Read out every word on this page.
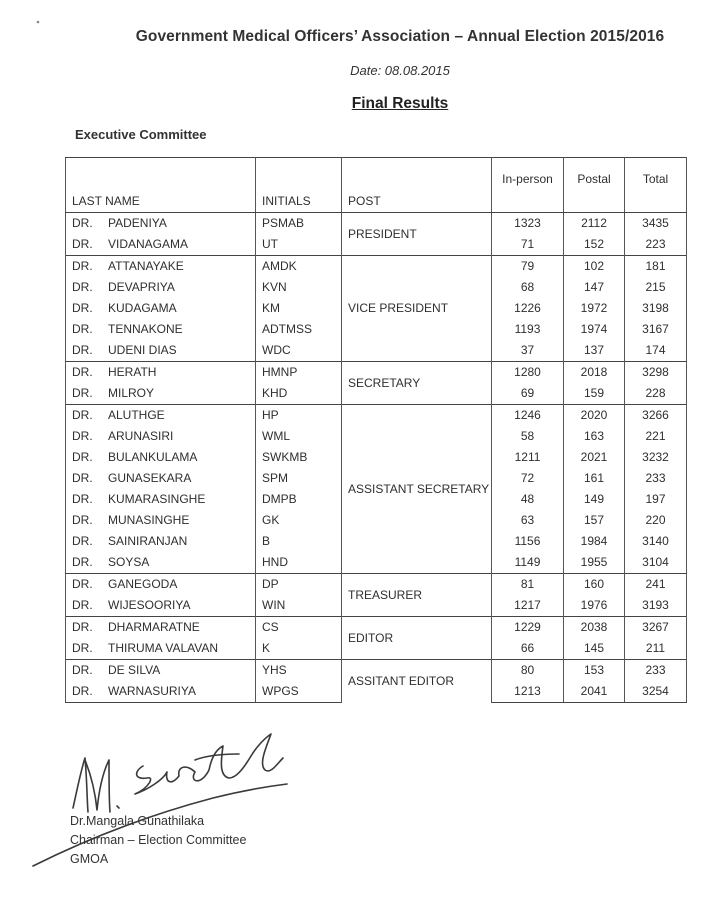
Government Medical Officers’ Association – Annual Election 2015/2016
Date: 08.08.2015
Final Results
Executive Committee
LAST NAME	INITIALS	POST	In-person	Postal	Total
DR. PADENIYA	PSMAB	PRESIDENT	1323	2112	3435
DR. VIDANAGAMA	UT		71	152	223
DR. ATTANAYAKE	AMDK	VICE PRESIDENT	79	102	181
DR. DEVAPRIYA	KVN		68	147	215
DR. KUDAGAMA	KM		1226	1972	3198
DR. TENNAKONE	ADTMSS		1193	1974	3167
DR. UDENI DIAS	WDC		37	137	174
DR. HERATH	HMNP	SECRETARY	1280	2018	3298
DR. MILROY	KHD		69	159	228
DR. ALUTHGE	HP	ASSISTANT SECRETARY	1246	2020	3266
DR. ARUNASIRI	WML		58	163	221
DR. BULANKULAMA	SWKMB		1211	2021	3232
DR. GUNASEKARA	SPM		72	161	233
DR. KUMARASINGHE	DMPB		48	149	197
DR. MUNASINGHE	GK		63	157	220
DR. SAINIRANJAN	B		1156	1984	3140
DR. SOYSA	HND		1149	1955	3104
DR. GANEGODA	DP	TREASURER	81	160	241
DR. WIJESOORIYA	WIN		1217	1976	3193
DR. DHARMARATNE	CS	EDITOR	1229	2038	3267
DR. THIRUMA VALAVAN	K		66	145	211
DR. DE SILVA	YHS	ASSITANT EDITOR	80	153	233
DR. WARNASURIYA	WPGS		1213	2041	3254
Dr.Mangala Gunathilaka
Chairman – Election Committee
GMOA
